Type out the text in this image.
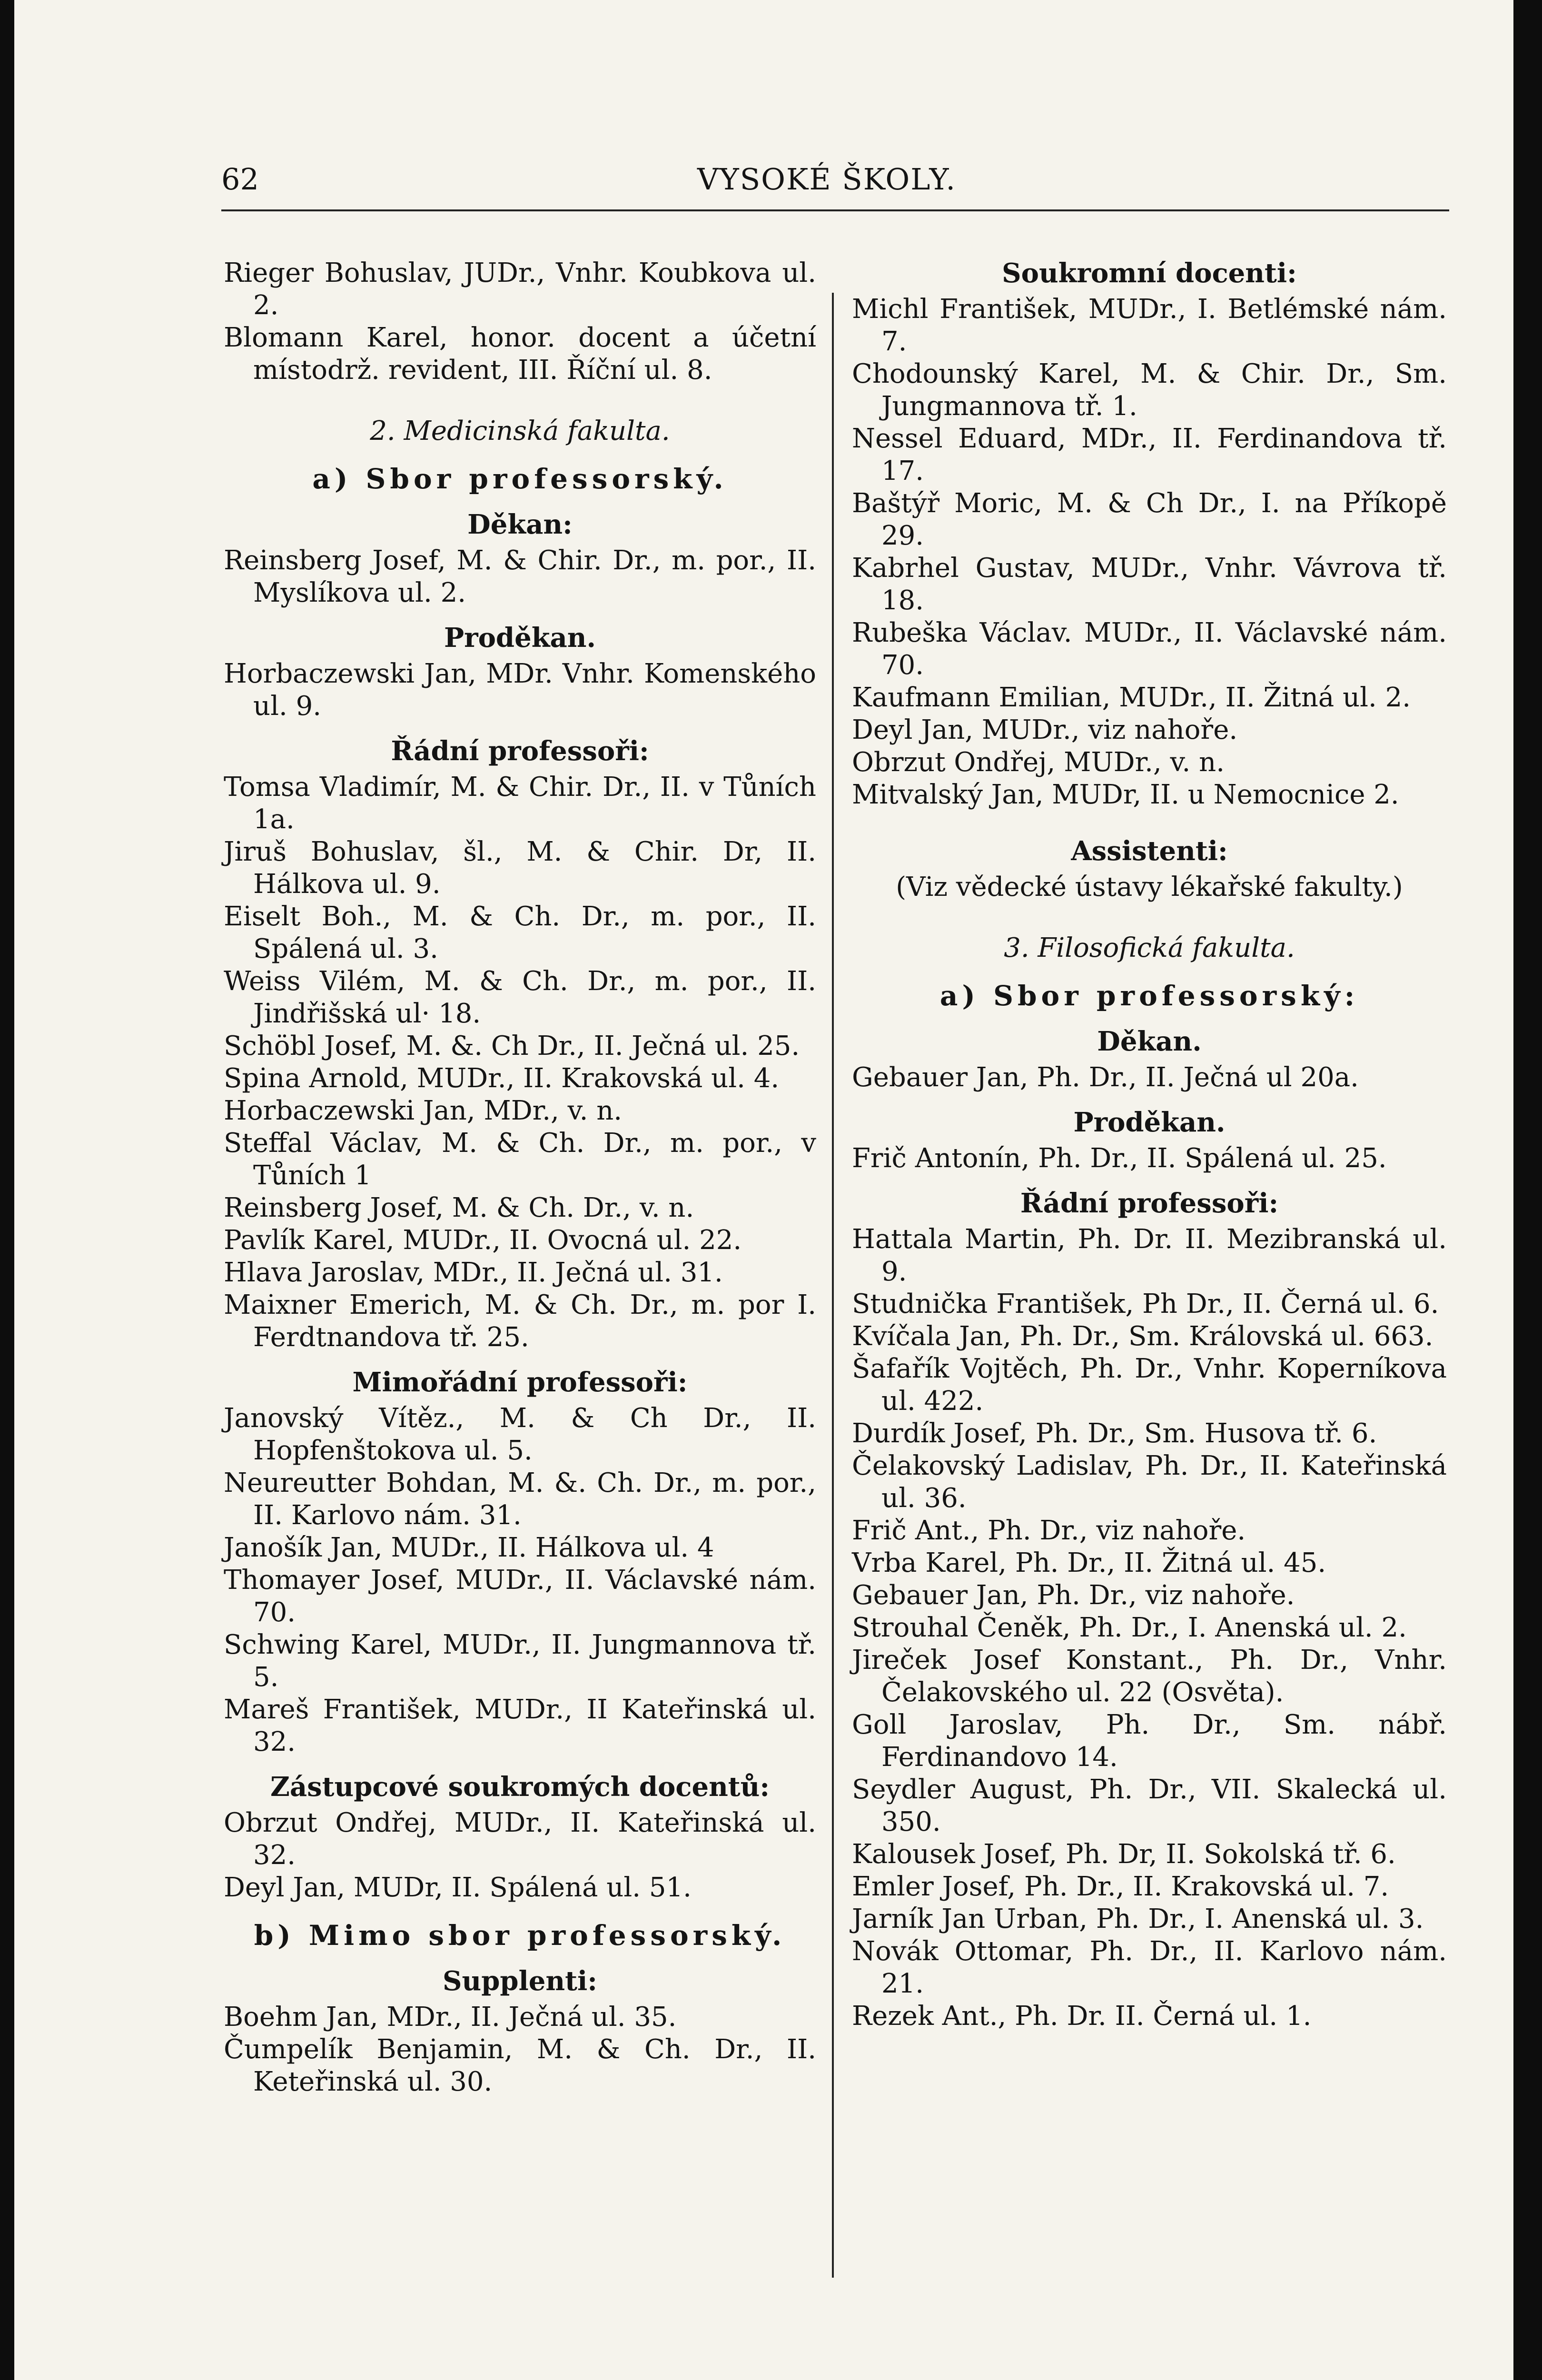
62	VYSOKÉ ŠKOLY.

Rieger Bohuslav, JUDr., Vnhr. Koubkova ul. 2.

Blomann Karel, honor. docent a účetní místodrž. revident, III. Říční ul. 8.

2. Medicinská fakulta.
a) Sbor professorský.
Děkan:

Reinsberg Josef, M. & Chir. Dr., m. por., II. Myslíkova ul. 2.

Proděkan.

Horbaczewski Jan, MDr. Vnhr. Komenského ul. 9.

Řádní professoři:

Tomsa Vladimír, M. & Chir. Dr., II. v Tůních 1a.

Jiruš Bohuslav, šl., M. & Chir. Dr, II. Hálkova ul. 9.

Eiselt Boh., M. & Ch. Dr., m. por., II. Spálená ul. 3.

Weiss Vilém, M. & Ch. Dr., m. por., II. Jindřišská ul· 18.

Schöbl Josef, M. &. Ch Dr., II. Ječná ul. 25.

Spina Arnold, MUDr., II. Krakovská ul. 4.

Horbaczewski Jan, MDr., v. n.

Steffal Václav, M. & Ch. Dr., m. por., v Tůních 1

Reinsberg Josef, M. & Ch. Dr., v. n.

Pavlík Karel, MUDr., II. Ovocná ul. 22.

Hlava Jaroslav, MDr., II. Ječná ul. 31.

Maixner Emerich, M. & Ch. Dr., m. por I. Ferdtnandova tř. 25.

Mimořádní professoři:

Janovský Vítěz., M. & Ch Dr., II. Hopfenštokova ul. 5.

Neureutter Bohdan, M. &. Ch. Dr., m. por., II. Karlovo nám. 31.

Janošík Jan, MUDr., II. Hálkova ul. 4

Thomayer Josef, MUDr., II. Václavské nám. 70.

Schwing Karel, MUDr., II. Jungmannova tř. 5.

Mareš František, MUDr., II Kateřinská ul. 32.

Zástupcové soukromých docentů:

Obrzut Ondřej, MUDr., II. Kateřinská ul. 32.

Deyl Jan, MUDr, II. Spálená ul. 51.

b) Mimo sbor professorský.
Supplenti:

Boehm Jan, MDr., II. Ječná ul. 35.

Čumpelík Benjamin, M. & Ch. Dr., II. Keteřinská ul. 30.

Soukromní docenti:

Michl František, MUDr., I. Betlémské nám. 7.

Chodounský Karel, M. & Chir. Dr., Sm. Jungmannova tř. 1.

Nessel Eduard, MDr., II. Ferdinandova tř. 17.

Baštýř Moric, M. & Ch Dr., I. na Příkopě 29.

Kabrhel Gustav, MUDr., Vnhr. Vávrova tř. 18.

Rubeška Václav. MUDr., II. Václavské nám. 70.

Kaufmann Emilian, MUDr., II. Žitná ul. 2.

Deyl Jan, MUDr., viz nahoře.

Obrzut Ondřej, MUDr., v. n.

Mitvalský Jan, MUDr, II. u Nemocnice 2.

Assistenti:
(Viz vědecké ústavy lékařské fakulty.)
3. Filosofická fakulta.
a) Sbor professorský:
Děkan.

Gebauer Jan, Ph. Dr., II. Ječná ul 20a.

Proděkan.

Frič Antonín, Ph. Dr., II. Spálená ul. 25.

Řádní professoři:

Hattala Martin, Ph. Dr. II. Mezibranská ul. 9.

Studnička František, Ph Dr., II. Černá ul. 6.

Kvíčala Jan, Ph. Dr., Sm. Královská ul. 663.

Šafařík Vojtěch, Ph. Dr., Vnhr. Koperníkova ul. 422.

Durdík Josef, Ph. Dr., Sm. Husova tř. 6.

Čelakovský Ladislav, Ph. Dr., II. Kateřinská ul. 36.

Frič Ant., Ph. Dr., viz nahoře.

Vrba Karel, Ph. Dr., II. Žitná ul. 45.

Gebauer Jan, Ph. Dr., viz nahoře.

Strouhal Čeněk, Ph. Dr., I. Anenská ul. 2.

Jireček Josef Konstant., Ph. Dr., Vnhr. Čelakovského ul. 22 (Osvěta).

Goll Jaroslav, Ph. Dr., Sm. nábř. Ferdinandovo 14.

Seydler August, Ph. Dr., VII. Skalecká ul. 350.

Kalousek Josef, Ph. Dr, II. Sokolská tř. 6.

Emler Josef, Ph. Dr., II. Krakovská ul. 7.

Jarník Jan Urban, Ph. Dr., I. Anenská ul. 3.

Novák Ottomar, Ph. Dr., II. Karlovo nám. 21.

Rezek Ant., Ph. Dr. II. Černá ul. 1.
